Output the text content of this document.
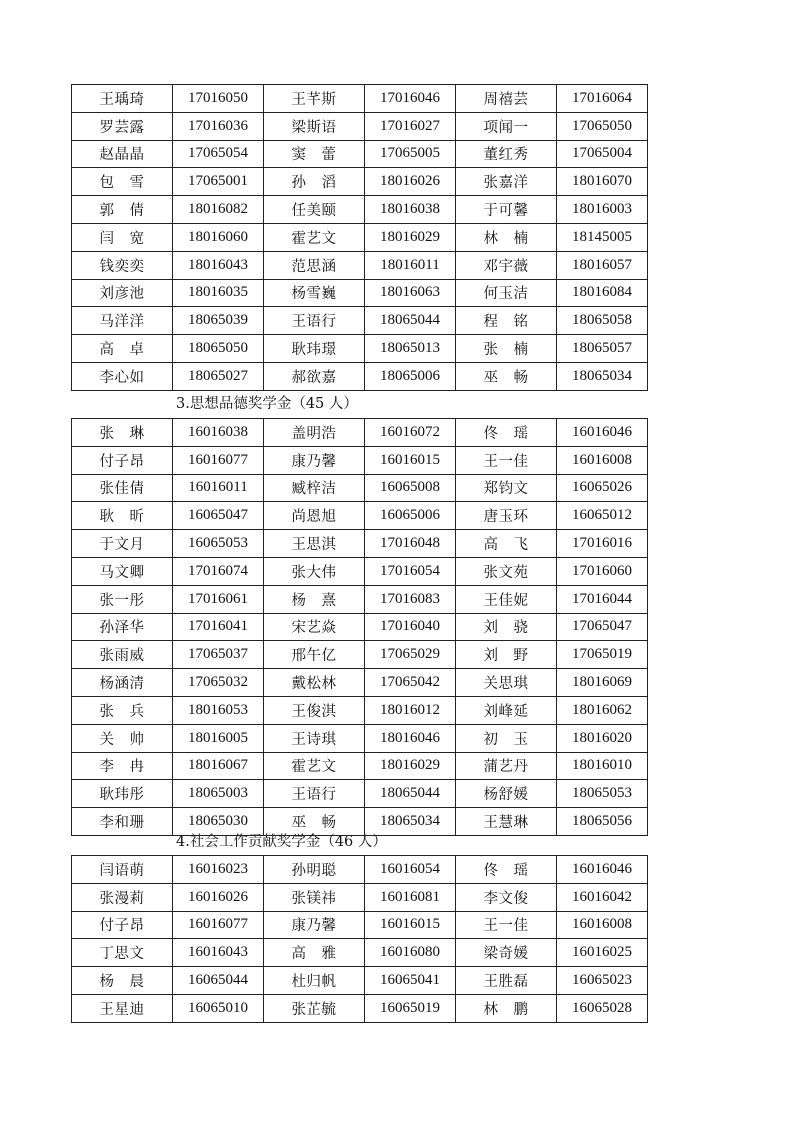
3.思想品德奖学金（45 人）
4.社会工作贡献奖学金（46 人）
王瑀琦	17016050	王芊斯	17016046	周禧芸	17016064
罗芸露	17016036	梁斯语	17016027	项闻一	17065050
赵晶晶	17065054	窦　蕾	17065005	董红秀	17065004
包　雪	17065001	孙　滔	18016026	张嘉洋	18016070
郭　倩	18016082	任美颐	18016038	于可馨	18016003
闫　宽	18016060	霍艺文	18016029	林　楠	18145005
钱奕奕	18016043	范思涵	18016011	邓宇薇	18016057
刘彦池	18016035	杨雪巍	18016063	何玉洁	18016084
马洋洋	18065039	王语行	18065044	程　铭	18065058
高　卓	18065050	耿玮璟	18065013	张　楠	18065057
李心如	18065027	郝欲嘉	18065006	巫　畅	18065034
张　琳	16016038	盖明浩	16016072	佟　瑶	16016046
付子昂	16016077	康乃馨	16016015	王一佳	16016008
张佳倩	16016011	臧梓洁	16065008	郑钧文	16065026
耿　昕	16065047	尚恩旭	16065006	唐玉环	16065012
于文月	16065053	王思淇	17016048	高　飞	17016016
马文卿	17016074	张大伟	17016054	张文苑	17016060
张一彤	17016061	杨　熹	17016083	王佳妮	17016044
孙泽华	17016041	宋艺焱	17016040	刘　骁	17065047
张雨威	17065037	邢午亿	17065029	刘　野	17065019
杨涵清	17065032	戴松林	17065042	关思琪	18016069
张　兵	18016053	王俊淇	18016012	刘峰延	18016062
关　帅	18016005	王诗琪	18016046	初　玉	18016020
李　冉	18016067	霍艺文	18016029	蒲艺丹	18016010
耿玮彤	18065003	王语行	18065044	杨舒媛	18065053
李和珊	18065030	巫　畅	18065034	王慧琳	18065056
闫语萌	16016023	孙明聪	16016054	佟　瑶	16016046
张漫莉	16016026	张镁祎	16016081	李文俊	16016042
付子昂	16016077	康乃馨	16016015	王一佳	16016008
丁思文	16016043	高　雅	16016080	梁奇媛	16016025
杨　晨	16065044	杜归帆	16065041	王胜磊	16065023
王星迪	16065010	张芷毓	16065019	林　鹏	16065028
